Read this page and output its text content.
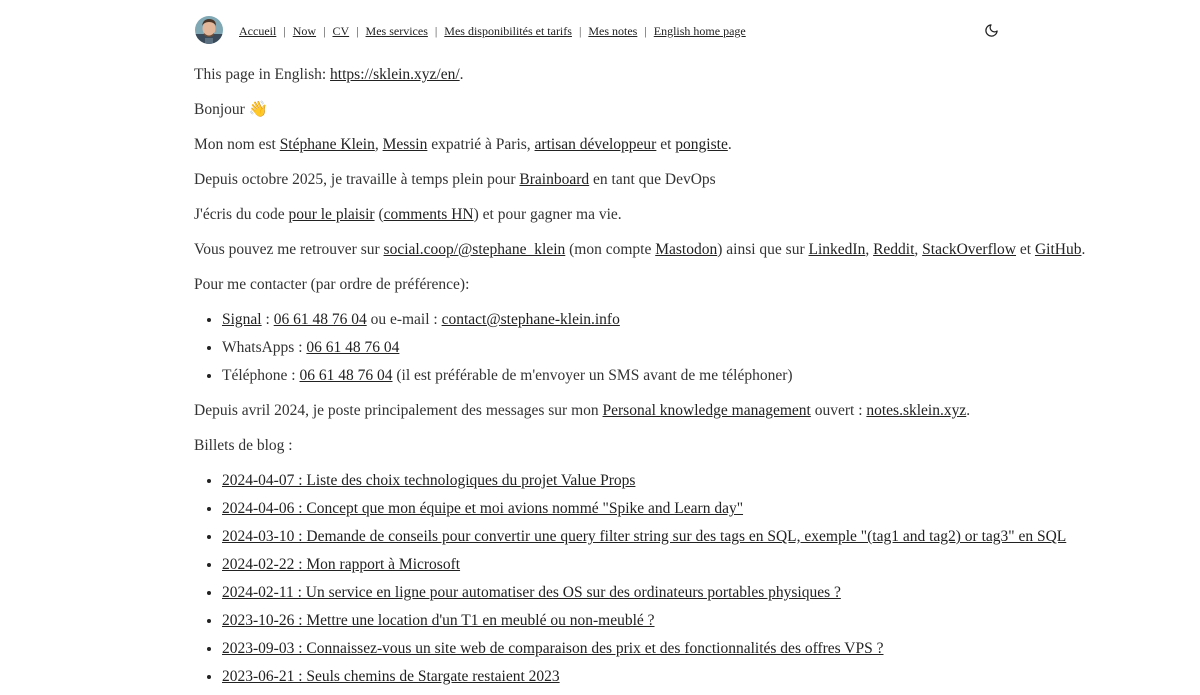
Accueil | Now | CV | Mes services | Mes disponibilités et tarifs | Mes notes | English home page

This page in English: https://sklein.xyz/en/.

Bonjour 👋

Mon nom est Stéphane Klein, Messin expatrié à Paris, artisan développeur et pongiste.

Depuis octobre 2025, je travaille à temps plein pour Brainboard en tant que DevOps

J'écris du code pour le plaisir (comments HN) et pour gagner ma vie.

Vous pouvez me retrouver sur social.coop/@stephane_klein (mon compte Mastodon) ainsi que sur LinkedIn, Reddit, StackOverflow et GitHub.

Pour me contacter (par ordre de préférence):

• Signal : 06 61 48 76 04 ou e-mail : contact@stephane-klein.info
• WhatsApps : 06 61 48 76 04
• Téléphone : 06 61 48 76 04 (il est préférable de m'envoyer un SMS avant de me téléphoner)

Depuis avril 2024, je poste principalement des messages sur mon Personal knowledge management ouvert : notes.sklein.xyz.

Billets de blog :

• 2024-04-07 : Liste des choix technologiques du projet Value Props
• 2024-04-06 : Concept que mon équipe et moi avions nommé "Spike and Learn day"
• 2024-03-10 : Demande de conseils pour convertir une query filter string sur des tags en SQL, exemple "(tag1 and tag2) or tag3" en SQL
• 2024-02-22 : Mon rapport à Microsoft
• 2024-02-11 : Un service en ligne pour automatiser des OS sur des ordinateurs portables physiques ?
• 2023-10-26 : Mettre une location d'un T1 en meublé ou non-meublé ?
• 2023-09-03 : Connaissez-vous un site web de comparaison des prix et des fonctionnalités des offres VPS ?
• 2023-06-21 : Seuls chemins de Stargate restaient 2023
